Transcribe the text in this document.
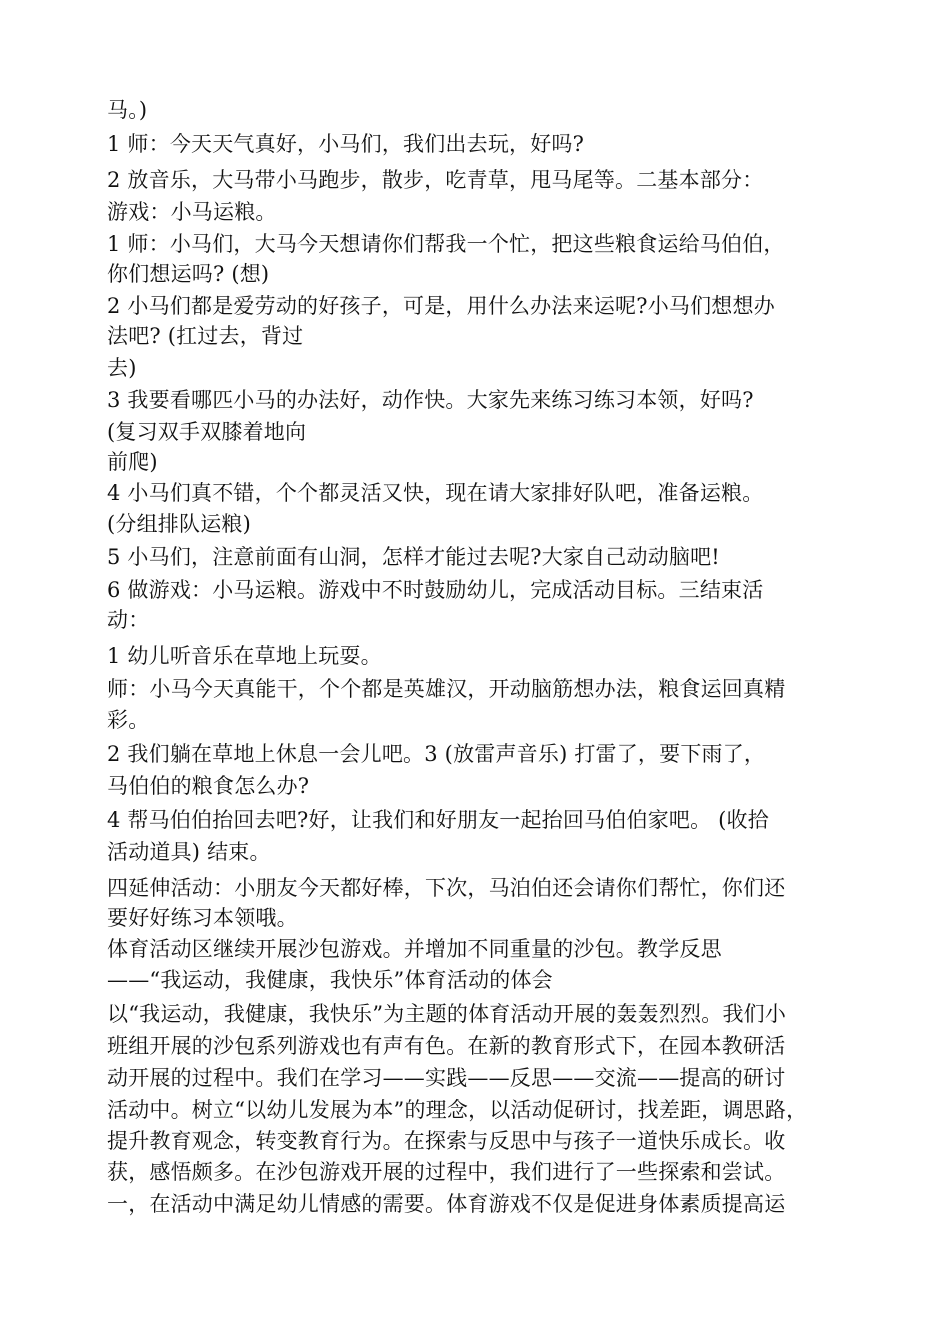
马。)
1 师：今天天气真好，小马们，我们出去玩，好吗?
2 放音乐，大马带小马跑步，散步，吃青草，甩马尾等。二基本部分：
游戏：小马运粮。
1 师：小马们，大马今天想请你们帮我一个忙，把这些粮食运给马伯伯，
你们想运吗? (想)
2 小马们都是爱劳动的好孩子，可是，用什么办法来运呢?小马们想想办
法吧? (扛过去，背过
去)
3 我要看哪匹小马的办法好，动作快。大家先来练习练习本领，好吗?
(复习双手双膝着地向
前爬)
4 小马们真不错，个个都灵活又快，现在请大家排好队吧，准备运粮。
(分组排队运粮)
5 小马们，注意前面有山洞，怎样才能过去呢?大家自己动动脑吧!
6 做游戏：小马运粮。游戏中不时鼓励幼儿，完成活动目标。三结束活
动：
1 幼儿听音乐在草地上玩耍。
师：小马今天真能干，个个都是英雄汉，开动脑筋想办法，粮食运回真精
彩。
2 我们躺在草地上休息一会儿吧。3 (放雷声音乐) 打雷了，要下雨了，
马伯伯的粮食怎么办?
4 帮马伯伯抬回去吧?好，让我们和好朋友一起抬回马伯伯家吧。 (收拾
活动道具) 结束。
四延伸活动：小朋友今天都好棒，下次，马泊伯还会请你们帮忙，你们还
要好好练习本领哦。
体育活动区继续开展沙包游戏。并增加不同重量的沙包。教学反思
——“我运动，我健康，我快乐”体育活动的体会
以“我运动，我健康，我快乐”为主题的体育活动开展的轰轰烈烈。我们小
班组开展的沙包系列游戏也有声有色。在新的教育形式下，在园本教研活
动开展的过程中。我们在学习——实践——反思——交流——提高的研讨
活动中。树立“以幼儿发展为本”的理念，以活动促研讨，找差距，调思路，
提升教育观念，转变教育行为。在探索与反思中与孩子一道快乐成长。收
获，感悟颇多。在沙包游戏开展的过程中，我们进行了一些探索和尝试。
一，在活动中满足幼儿情感的需要。体育游戏不仅是促进身体素质提高运
